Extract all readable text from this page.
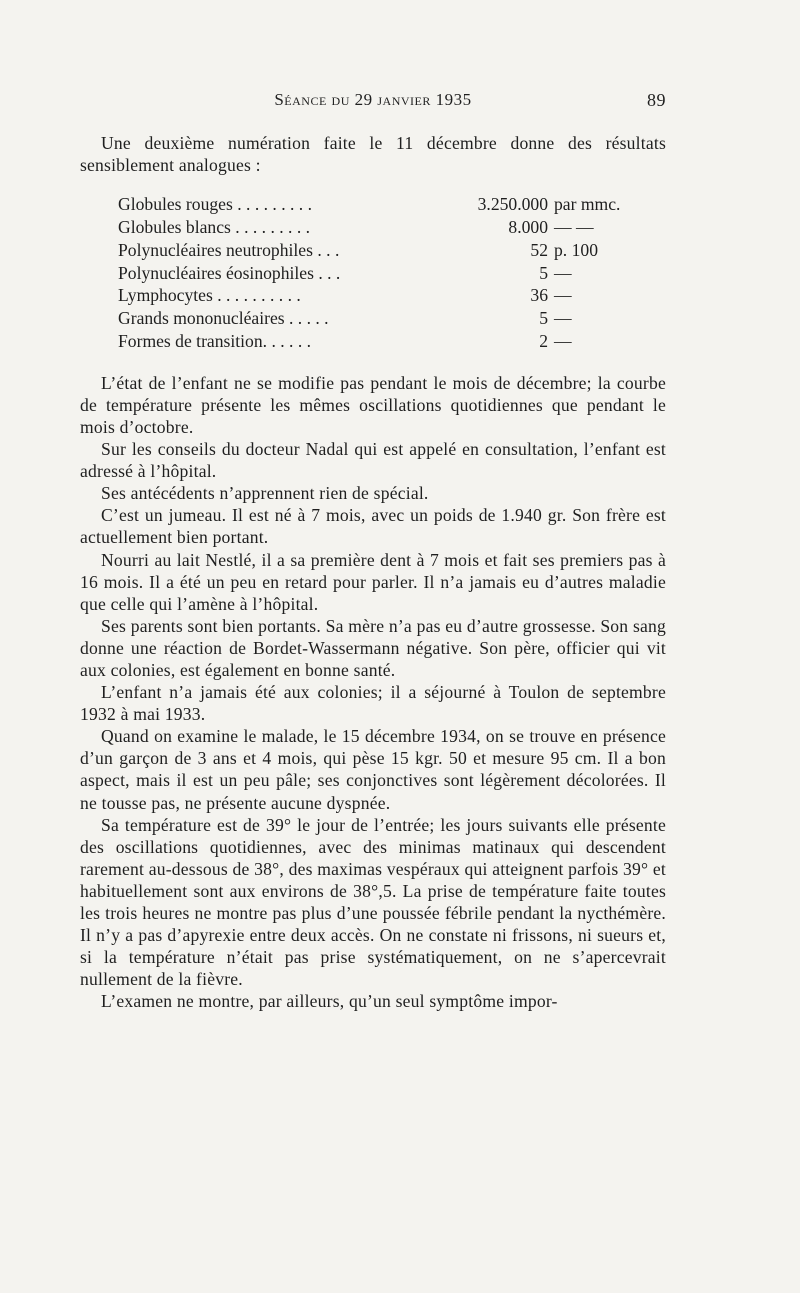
Séance du 29 janvier 1935	89

Une deuxième numération faite le 11 décembre donne des résultats sensiblement analogues :

Globules rouges . . . . . . . . .	3.250.000	par mmc.
Globules blancs . . . . . . . . .	8.000	— —
Polynucléaires neutrophiles . . .	52	p. 100
Polynucléaires éosinophiles . . .	5	—
Lymphocytes . . . . . . . . . .	36	—
Grands mononucléaires . . . . .	5	—
Formes de transition. . . . . .	2	—

L’état de l’enfant ne se modifie pas pendant le mois de décembre; la courbe de température présente les mêmes oscillations quotidiennes que pendant le mois d’octobre.

Sur les conseils du docteur Nadal qui est appelé en consultation, l’enfant est adressé à l’hôpital.

Ses antécédents n’apprennent rien de spécial.

C’est un jumeau. Il est né à 7 mois, avec un poids de 1.940 gr. Son frère est actuellement bien portant.

Nourri au lait Nestlé, il a sa première dent à 7 mois et fait ses premiers pas à 16 mois. Il a été un peu en retard pour parler. Il n’a jamais eu d’autres maladie que celle qui l’amène à l’hôpital.

Ses parents sont bien portants. Sa mère n’a pas eu d’autre grossesse. Son sang donne une réaction de Bordet-Wassermann négative. Son père, officier qui vit aux colonies, est également en bonne santé.

L’enfant n’a jamais été aux colonies; il a séjourné à Toulon de septembre 1932 à mai 1933.

Quand on examine le malade, le 15 décembre 1934, on se trouve en présence d’un garçon de 3 ans et 4 mois, qui pèse 15 kgr. 50 et mesure 95 cm. Il a bon aspect, mais il est un peu pâle; ses conjonctives sont légèrement décolorées. Il ne tousse pas, ne présente aucune dyspnée.

Sa température est de 39° le jour de l’entrée; les jours suivants elle présente des oscillations quotidiennes, avec des minimas matinaux qui descendent rarement au-dessous de 38°, des maximas vespéraux qui atteignent parfois 39° et habituellement sont aux environs de 38°,5. La prise de température faite toutes les trois heures ne montre pas plus d’une poussée fébrile pendant la nycthémère. Il n’y a pas d’apyrexie entre deux accès. On ne constate ni frissons, ni sueurs et, si la température n’était pas prise systématiquement, on ne s’apercevrait nullement de la fièvre.

L’examen ne montre, par ailleurs, qu’un seul symptôme impor-
